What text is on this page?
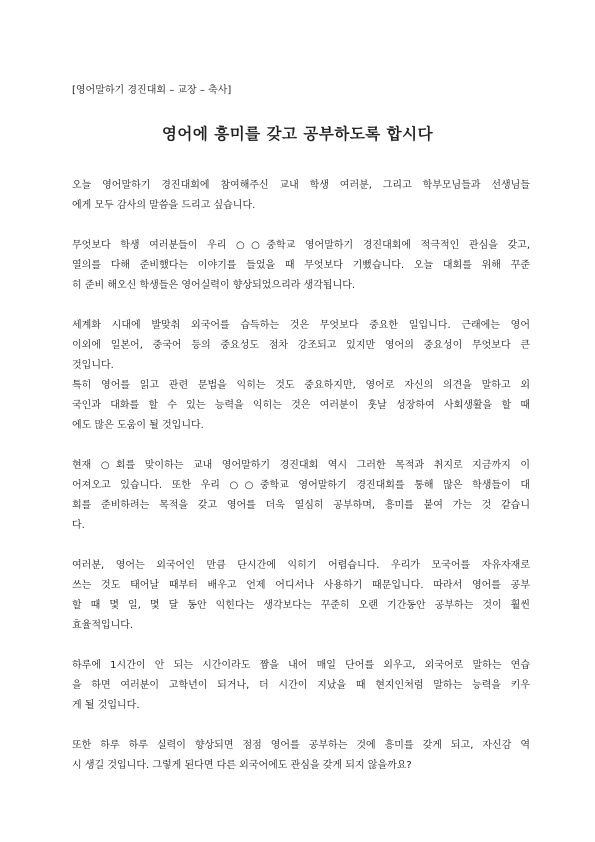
[영어말하기 경진대회 – 교장 – 축사]
영어에 흥미를 갖고 공부하도록 합시다
오늘 영어말하기 경진대회에 참여해주신 교내 학생 여러분, 그리고 학부모님들과 선생님들
에게 모두 감사의 말씀을 드리고 싶습니다.
무엇보다 학생 여러분들이 우리 ○○중학교 영어말하기 경진대회에 적극적인 관심을 갖고,
열의를 다해 준비했다는 이야기를 들었을 때 무엇보다 기뻤습니다. 오늘 대회를 위해 꾸준
히 준비 해오신 학생들은 영어실력이 향상되었으리라 생각됩니다.
세계화 시대에 발맞춰 외국어를 습득하는 것은 무엇보다 중요한 일입니다. 근래에는 영어
이외에 일본어, 중국어 등의 중요성도 점차 강조되고 있지만 영어의 중요성이 무엇보다 큰
것입니다.
특히 영어를 읽고 관련 문법을 익히는 것도 중요하지만, 영어로 자신의 의견을 말하고 외
국인과 대화를 할 수 있는 능력을 익히는 것은 여러분이 훗날 성장하여 사회생활을 할 때
에도 많은 도움이 될 것입니다.
현재 ○회를 맞이하는 교내 영어말하기 경진대회 역시 그러한 목적과 취지로 지금까지 이
어져오고 있습니다. 또한 우리 ○○중학교 영어말하기 경진대회를 통해 많은 학생들이 대
회를 준비하려는 목적을 갖고 영어를 더욱 열심히 공부하며, 흥미를 붙여 가는 것 같습니
다.
여러분, 영어는 외국어인 만큼 단시간에 익히기 어렵습니다. 우리가 모국어를 자유자재로
쓰는 것도 태어날 때부터 배우고 언제 어디서나 사용하기 때문입니다. 따라서 영어를 공부
할 때 몇 일, 몇 달 동안 익힌다는 생각보다는 꾸준히 오랜 기간동안 공부하는 것이 훨씬
효율적입니다.
하루에 1시간이 안 되는 시간이라도 짬을 내어 매일 단어를 외우고, 외국어로 말하는 연습
을 하면 여러분이 고학년이 되거나, 더 시간이 지났을 때 현지인처럼 말하는 능력을 키우
게 될 것입니다.
또한 하루 하루 실력이 향상되면 점점 영어를 공부하는 것에 흥미를 갖게 되고, 자신감 역
시 생길 것입니다. 그렇게 된다면 다른 외국어에도 관심을 갖게 되지 않을까요?
